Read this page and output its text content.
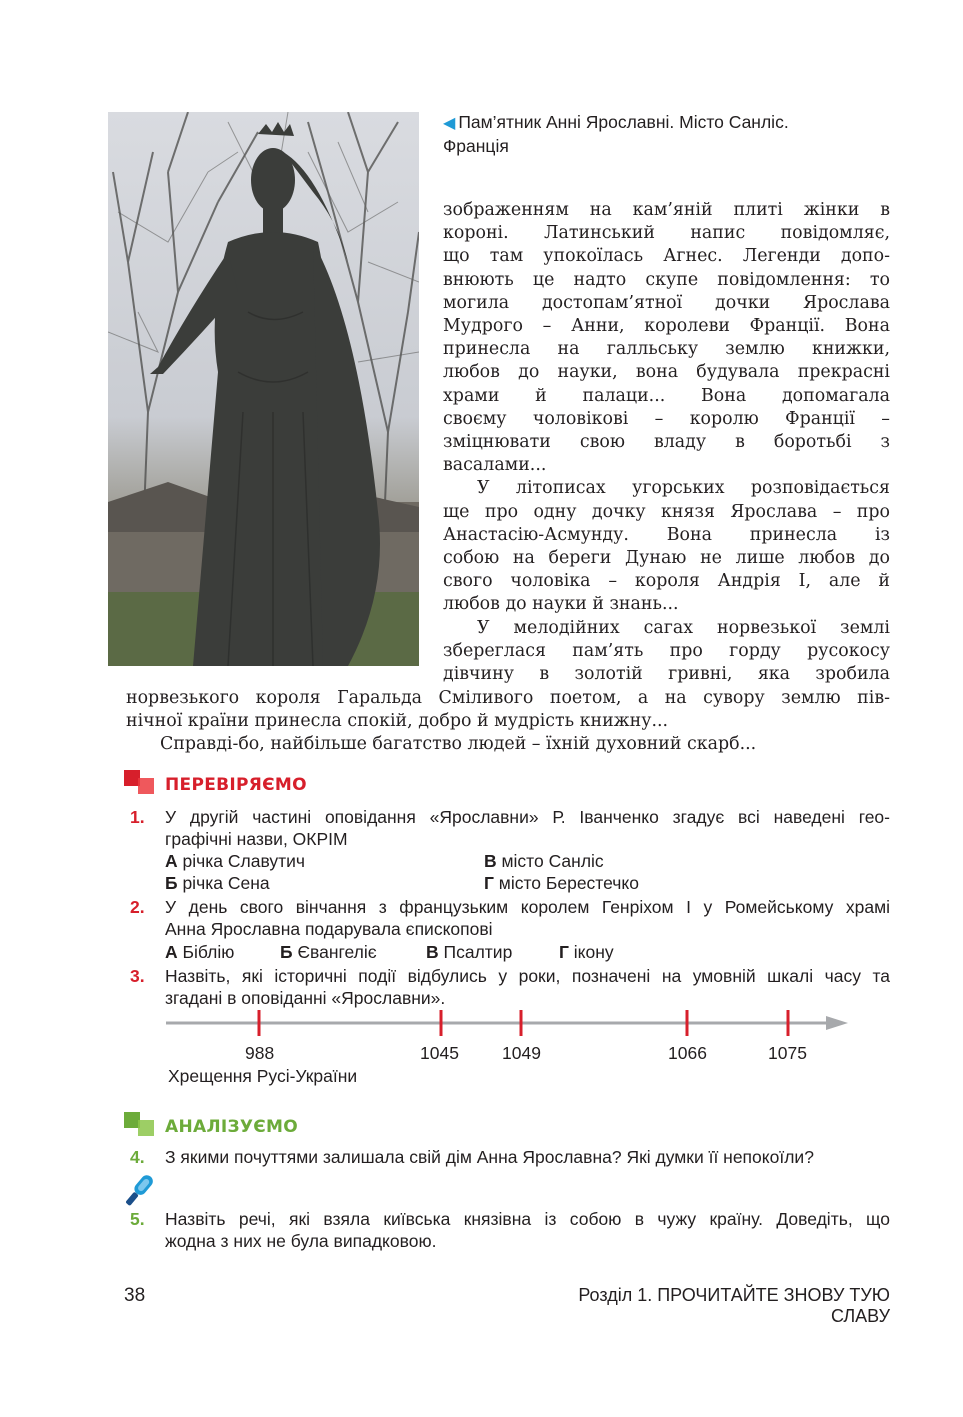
◀ Пам’ятник Анні Ярославні. Місто Санліс.
Франція
зображенням на кам’яній плиті жінки в
короні. Латинський напис повідомляє,
що там упокоїлась Агнес. Легенди допо-
внюють це надто скупе повідомлення: то
могила достопам’ятної дочки Ярослава
Мудрого – Анни, королеви Франції. Вона
принесла на галльську землю книжки,
любов до науки, вона будувала прекрасні
храми й палаци... Вона допомагала
своєму чоловікові – королю Франції –
зміцнювати свою владу в боротьбі з
васалами...
У літописах угорських розповідається
ще про одну дочку князя Ярослава – про
Анастасію-Асмунду. Вона принесла із
собою на береги Дунаю не лише любов до
свого чоловіка – короля Андрія І, але й
любов до науки й знань...
У мелодійних сагах норвезької землі
збереглася пам’ять про горду русокосу
дівчину в золотій гривні, яка зробила
норвезького короля Гаральда Сміливого поетом, а на сувору землю пів-
нічної країни принесла спокій, добро й мудрість книжну...
Справді-бо, найбільше багатство людей – їхній духовний скарб...
ПЕРЕВІРЯЄМО
1. У другій частині оповідання «Ярославни» Р. Іванченко згадує всі наведені гео-
графічні назви, ОКРІМ
А річка Славутич
Б річка Сена
В місто Санліс
Г місто Берестечко
2. У день свого вінчання з французьким королем Генріхом І у Ромейському храмі
Анна Ярославна подарувала єпископові
А Біблію	Б Євангеліє	В Псалтир	Г ікону
3. Назвіть, які історичні події відбулись у роки, позначені на умовній шкалі часу та
згадані в оповіданні «Ярославни».
988	1045 1049	1066	1075
Хрещення Русі-України
АНАЛІЗУЄМО
4. З якими почуттями залишала свій дім Анна Ярославна? Які думки її непокоїли?
5. Назвіть речі, які взяла київська князівна із собою в чужу країну. Доведіть, що
жодна з них не була випадковою.
38	Розділ 1. ПРОЧИТАЙТЕ ЗНОВУ ТУЮ СЛАВУ
